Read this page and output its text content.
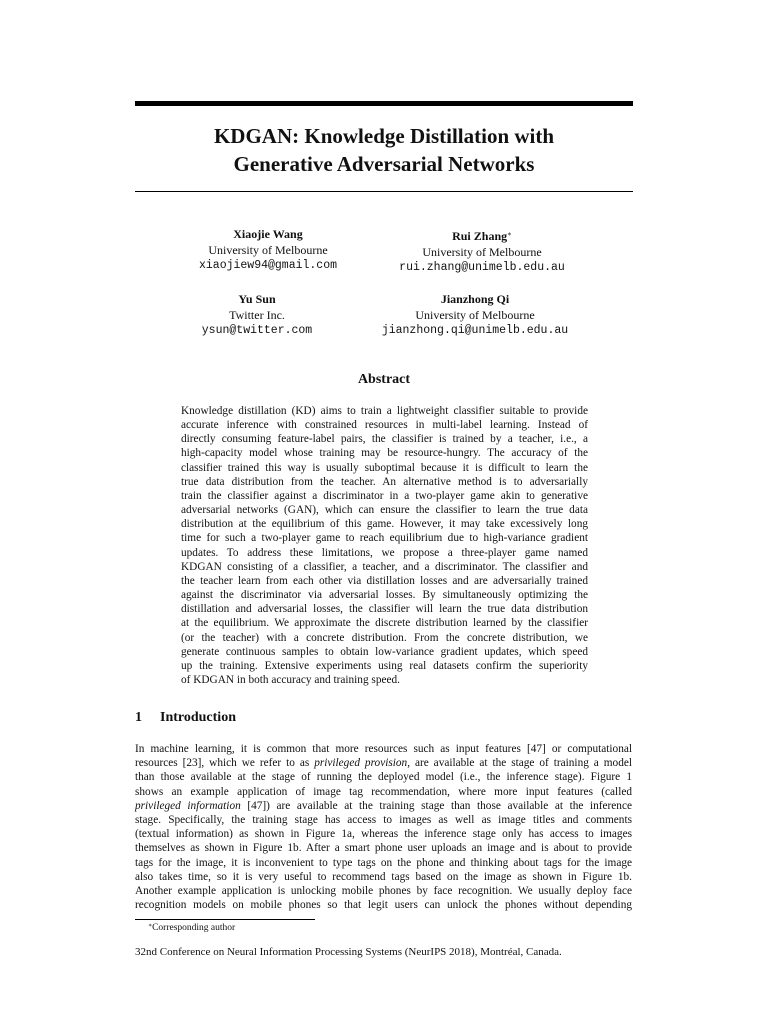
KDGAN: Knowledge Distillation with
Generative Adversarial Networks
Xiaojie Wang
University of Melbourne
xiaojiew94@gmail.com
Rui Zhang∗
University of Melbourne
rui.zhang@unimelb.edu.au
Yu Sun
Twitter Inc.
ysun@twitter.com
Jianzhong Qi
University of Melbourne
jianzhong.qi@unimelb.edu.au
Abstract
Knowledge distillation (KD) aims to train a lightweight classifier suitable to provide
accurate inference with constrained resources in multi-label learning. Instead of
directly consuming feature-label pairs, the classifier is trained by a teacher, i.e., a
high-capacity model whose training may be resource-hungry. The accuracy of the
classifier trained this way is usually suboptimal because it is difficult to learn the
true data distribution from the teacher. An alternative method is to adversarially
train the classifier against a discriminator in a two-player game akin to generative
adversarial networks (GAN), which can ensure the classifier to learn the true data
distribution at the equilibrium of this game. However, it may take excessively long
time for such a two-player game to reach equilibrium due to high-variance gradient
updates. To address these limitations, we propose a three-player game named
KDGAN consisting of a classifier, a teacher, and a discriminator. The classifier and
the teacher learn from each other via distillation losses and are adversarially trained
against the discriminator via adversarial losses. By simultaneously optimizing the
distillation and adversarial losses, the classifier will learn the true data distribution
at the equilibrium. We approximate the discrete distribution learned by the classifier
(or the teacher) with a concrete distribution. From the concrete distribution, we
generate continuous samples to obtain low-variance gradient updates, which speed
up the training. Extensive experiments using real datasets confirm the superiority
of KDGAN in both accuracy and training speed.
1 Introduction
In machine learning, it is common that more resources such as input features [47] or computational
resources [23], which we refer to as privileged provision, are available at the stage of training a model
than those available at the stage of running the deployed model (i.e., the inference stage). Figure 1
shows an example application of image tag recommendation, where more input features (called
privileged information [47]) are available at the training stage than those available at the inference
stage. Specifically, the training stage has access to images as well as image titles and comments
(textual information) as shown in Figure 1a, whereas the inference stage only has access to images
themselves as shown in Figure 1b. After a smart phone user uploads an image and is about to provide
tags for the image, it is inconvenient to type tags on the phone and thinking about tags for the image
also takes time, so it is very useful to recommend tags based on the image as shown in Figure 1b.
Another example application is unlocking mobile phones by face recognition. We usually deploy face
recognition models on mobile phones so that legit users can unlock the phones without depending
∗Corresponding author
32nd Conference on Neural Information Processing Systems (NeurIPS 2018), Montréal, Canada.
